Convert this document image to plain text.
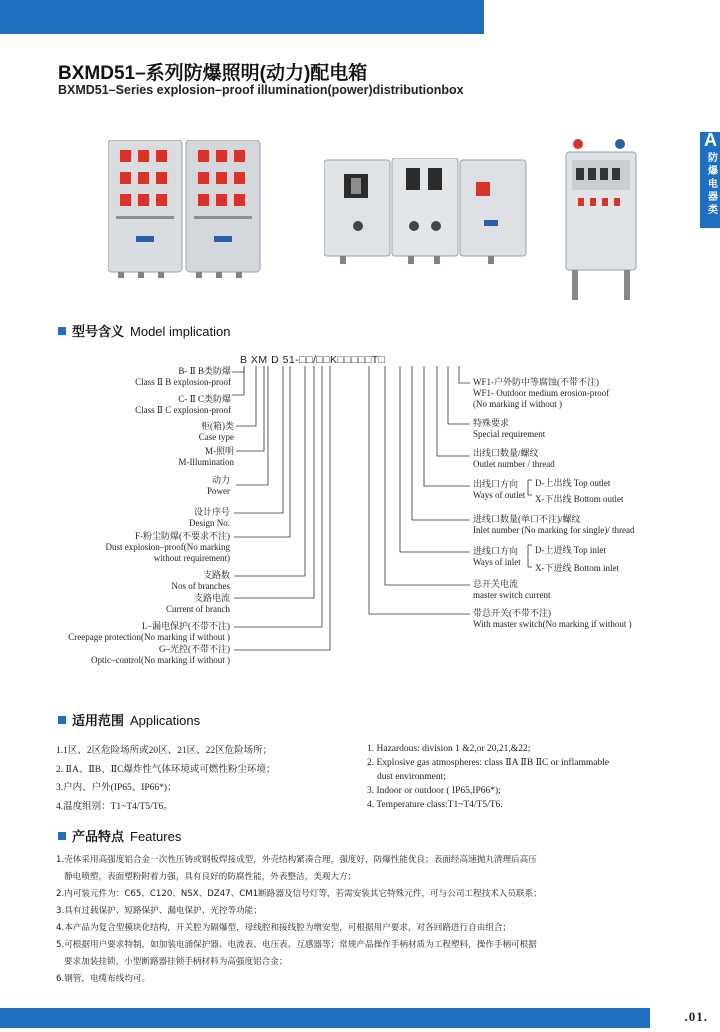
BXMD51–系列防爆照明(动力)配电箱
BXMD51–Series explosion–proof illumination(power)distributionbox
A
防爆电器类
型号含义 Model implication
B XM D 51-□□/□□K□□□□□T□
B- Ⅱ B类防爆
Class Ⅱ B explosion-proof
C- Ⅱ C类防爆
Class Ⅱ C explosion-proof
柜(箱)类
Case type
M-照明
M-Illumination
动力
Power
设计序号
Design No.
F-粉尘防爆(不要求不注)
Dust explosion–proof(No marking
without requirement)
支路数
Nos of branches
支路电流
Current of branch
L–漏电保护(不带不注)
Creepage protection(No marking if without )
G–光控(不带不注)
Optic–control(No marking if without )
WF1-户外防中等腐蚀(不带不注)
WF1- Outdoor medium erosion-proof
(No marking if without )
特殊要求
Special requirement
出线口数量/螺纹
Outlet number / thread
出线口方向
Ways of outlet
D-上出线 Top outlet
X-下出线 Bottom outlet
进线口数量(单口不注)/螺纹
Inlet number (No marking for single)/ thread
进线口方向
Ways of inlet
D-上进线 Top inlet
X-下进线 Bottom inlet
总开关电流
master switch current
带总开关(不带不注)
With master switch(No marking if without )
适用范围 Applications
1.1区、2区危险场所或20区、21区、22区危险场所；
2. ⅡA、ⅡB、ⅡC爆炸性气体环境或可燃性粉尘环境；
3.户内、户外(IP65、IP66*)；
4.温度组别：T1~T4/T5/T6。
1. Hazardous: division 1 &2,or 20,21,&22;
2. Explosive gas atmospheres: class ⅡA ⅡB ⅡC or inflammable
dust environment;
3. Indoor or outdoor ( IP65,IP66*);
4. Temperature class:T1~T4/T5/T6.
产品特点 Features
1.壳体采用高强度铝合金一次性压铸或钢板焊接成型，外壳结构紧凑合理，强度好，防爆性能优良；表面经高速抛丸清理后高压
静电喷塑，表面塑粉附着力强，具有良好的防腐性能，外表整洁，美观大方；
2.内可装元件为：C65、C120、NSX、DZ47、CM1断路器及信号灯等，若需安装其它特殊元件，可与公司工程技术人员联系；
3.具有过载保护、短路保护、漏电保护、光控等功能；
4.本产品为复合型模块化结构，开关腔为隔爆型，母线腔和接线腔为增安型，可根据用户要求，对各回路进行自由组合；
5.可根据用户要求特制，如加装电涌保护器、电流表、电压表、互感器等；常规产品操作手柄材质为工程塑料，操作手柄可根据
要求加装挂锁，小型断路器挂锁手柄材料为高强度铝合金；
6.钢管，电缆布线均可。
.01.
